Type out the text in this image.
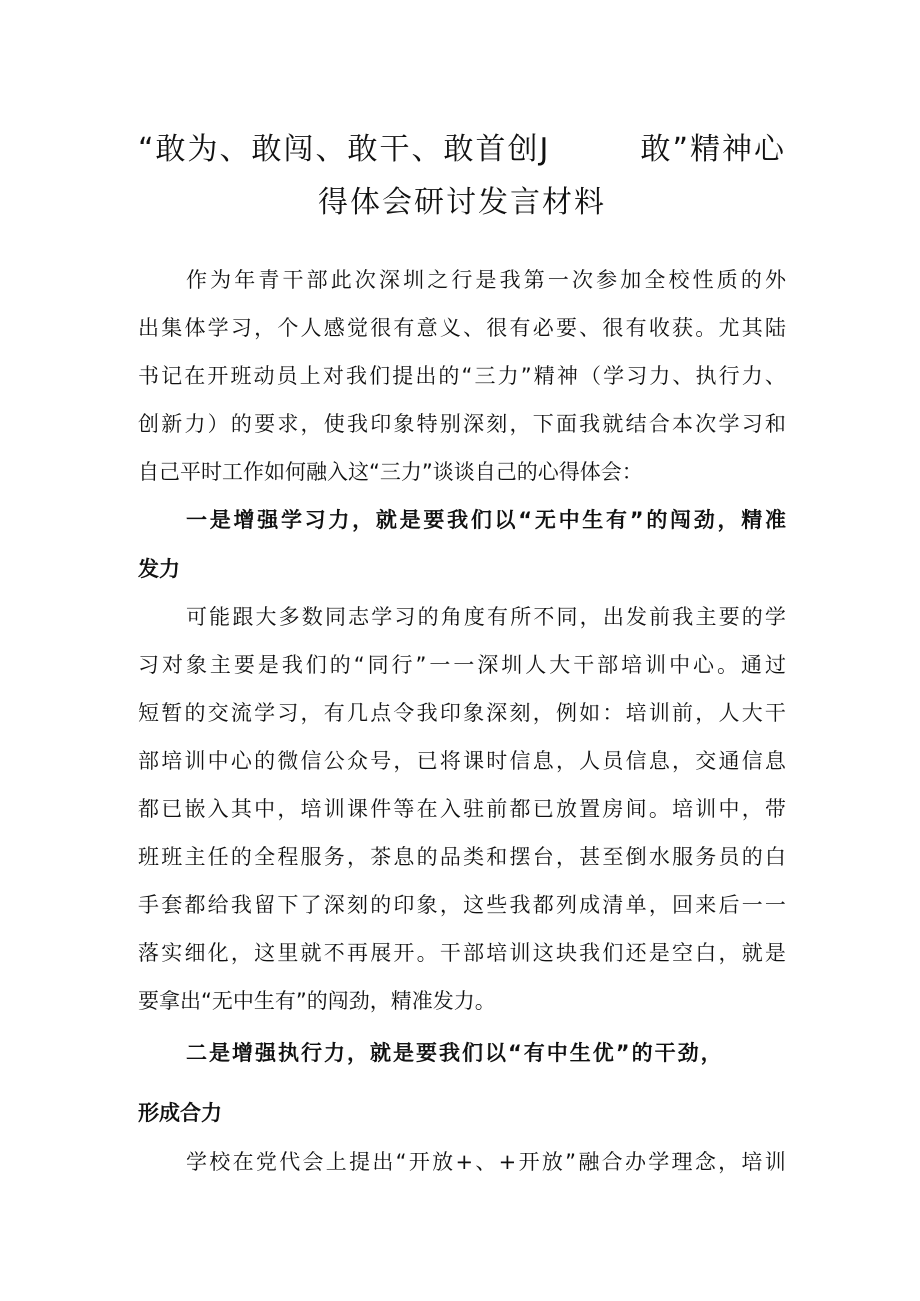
“敢为、敢闯、敢干、敢首创J	敢”精神心
得体会研讨发言材料

作 为 年 青 干 部 此 次 深 圳 之 行 是 我 第 一 次 参 加 全 校 性 质 的 外

出 集 体 学 习 ， 个 人 感 觉 很 有 意 义 、 很 有 必 要 、 很 有 收 获 。 尤 其 陆

书 记 在 开 班 动 员 上 对 我 们 提 出 的 “ 三 力 ” 精 神 （ 学 习 力 、 执 行 力 、

创 新 力 ） 的 要 求 ， 使 我 印 象 特 别 深 刻 ， 下 面 我 就 结 合 本 次 学 习 和

自己平时工作如何融入这“三力”谈谈自己的心得体会：

一 是 增 强 学 习 力 ， 就 是 要 我 们 以 “ 无 中 生 有 ” 的 闯 劲 ， 精 准

发力

可 能 跟 大 多 数 同 志 学 习 的 角 度 有 所 不 同 ， 出 发 前 我 主 要 的 学

习 对 象 主 要 是 我 们 的 “ 同 行 ” 一 一 深 圳 人 大 干 部 培 训 中 心 。 通 过

短 暂 的 交 流 学 习 ， 有 几 点 令 我 印 象 深 刻 ， 例 如 ： 培 训 前 ， 人 大 干

部 培 训 中 心 的 微 信 公 众 号 ， 已 将 课 时 信 息 ， 人 员 信 息 ， 交 通 信 息

都 已 嵌 入 其 中 ， 培 训 课 件 等 在 入 驻 前 都 已 放 置 房 间 。 培 训 中 ， 带

班 班 主 任 的 全 程 服 务 ， 茶 息 的 品 类 和 摆 台 ， 甚 至 倒 水 服 务 员 的 白

手 套 都 给 我 留 下 了 深 刻 的 印 象 ， 这 些 我 都 列 成 清 单 ， 回 来 后 一 一

落 实 细 化 ， 这 里 就 不 再 展 开 。 干 部 培 训 这 块 我 们 还 是 空 白 ， 就 是

要拿出“无中生有”的闯劲，精准发力。

二是增强执行力，就是要我们以“有中生优”的干劲，

形成合力

学 校 在 党 代 会 上 提 出 “ 开 放 + 、 + 开 放 ” 融 合 办 学 理 念 ， 培 训
